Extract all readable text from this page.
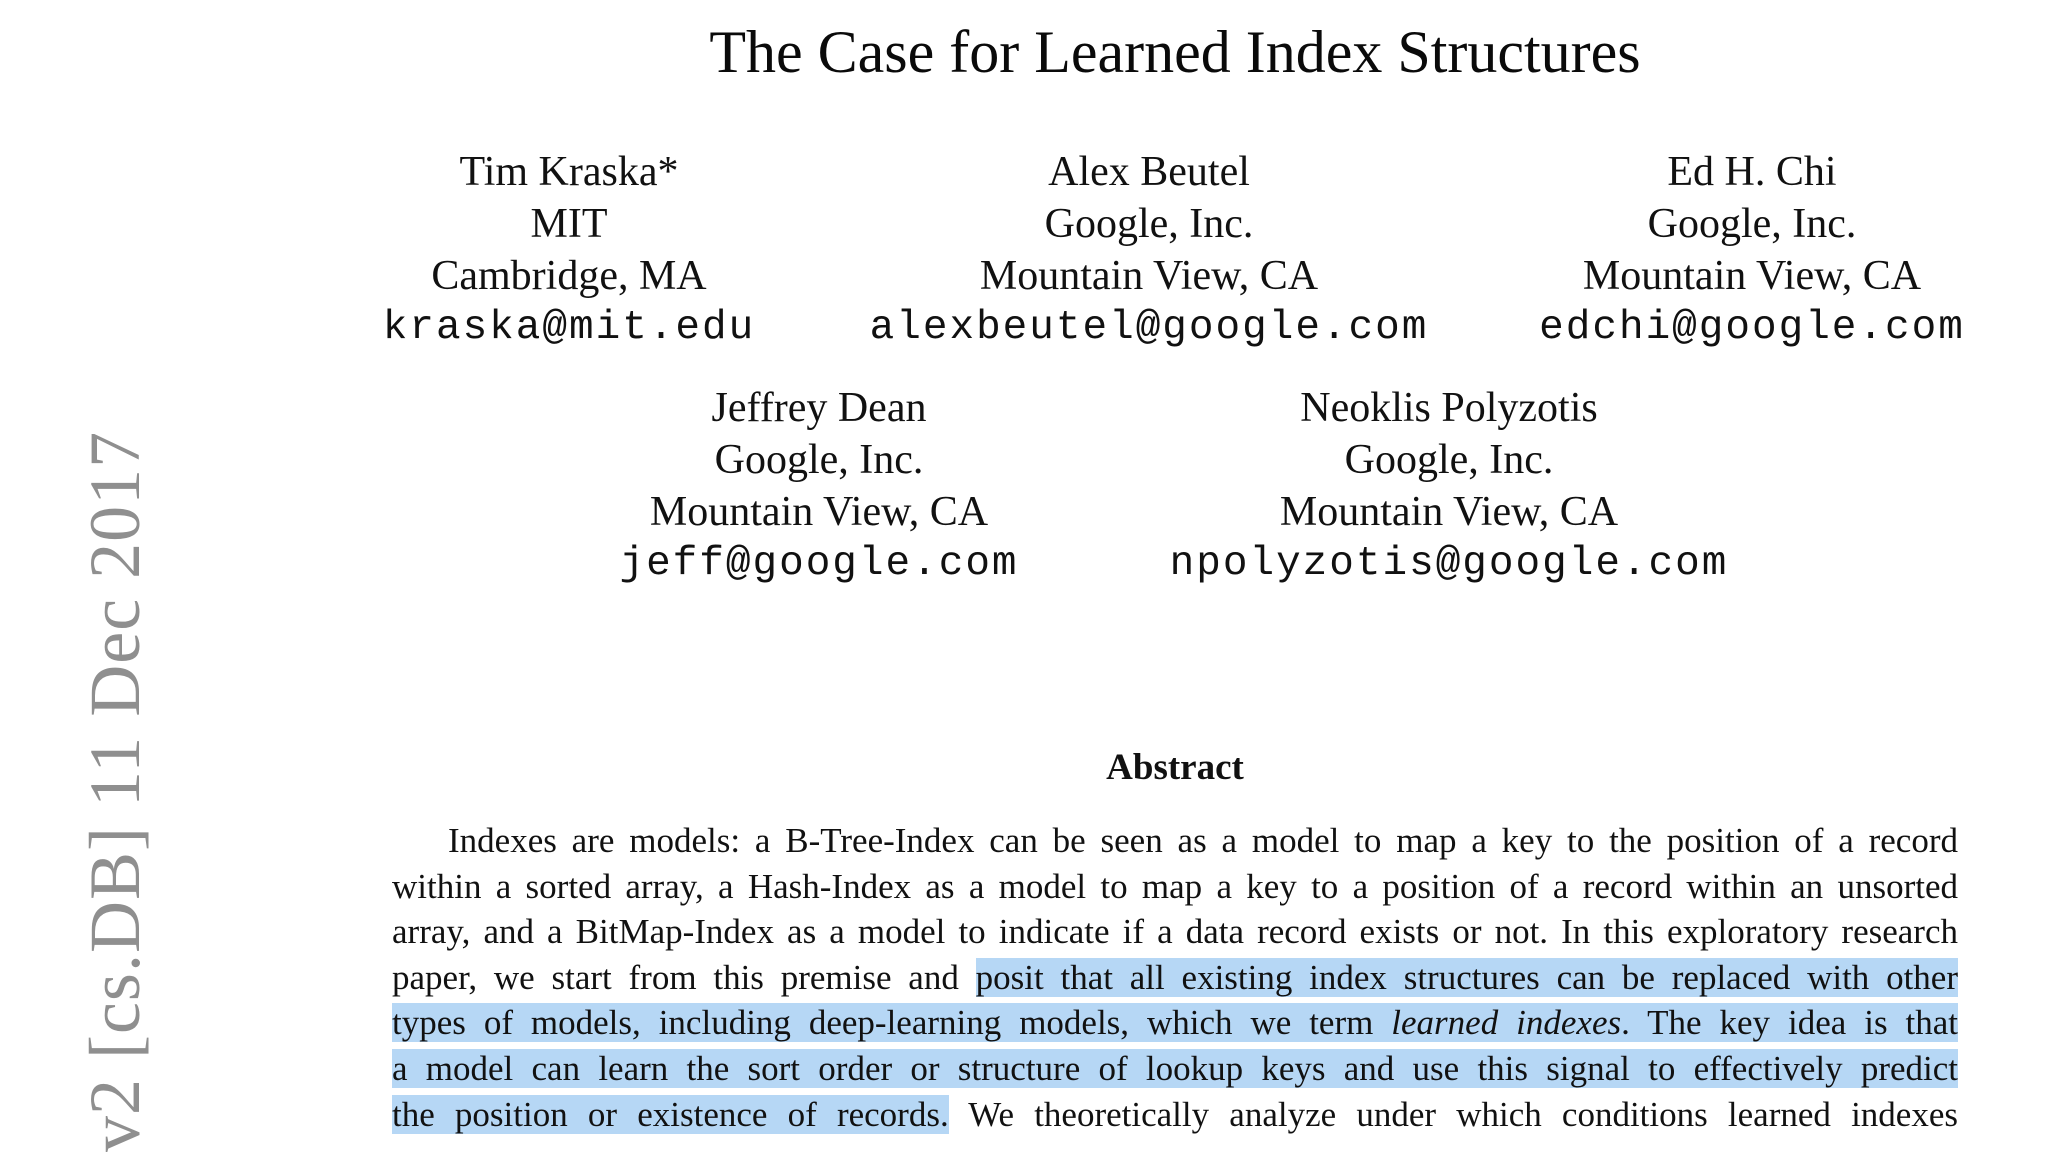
v2 [cs.DB] 11 Dec 2017
The Case for Learned Index Structures
Tim Kraska*
MIT
Cambridge, MA
kraska@mit.edu
Alex Beutel
Google, Inc.
Mountain View, CA
alexbeutel@google.com
Ed H. Chi
Google, Inc.
Mountain View, CA
edchi@google.com
Jeffrey Dean
Google, Inc.
Mountain View, CA
jeff@google.com
Neoklis Polyzotis
Google, Inc.
Mountain View, CA
npolyzotis@google.com
Abstract
Indexes are models: a B-Tree-Index can be seen as a model to map a key to the position of a record
within a sorted array, a Hash-Index as a model to map a key to a position of a record within an unsorted
array, and a BitMap-Index as a model to indicate if a data record exists or not. In this exploratory research
paper, we start from this premise and posit that all existing index structures can be replaced with other
types of models, including deep-learning models, which we term learned indexes. The key idea is that
a model can learn the sort order or structure of lookup keys and use this signal to effectively predict
the position or existence of records. We theoretically analyze under which conditions learned indexes
